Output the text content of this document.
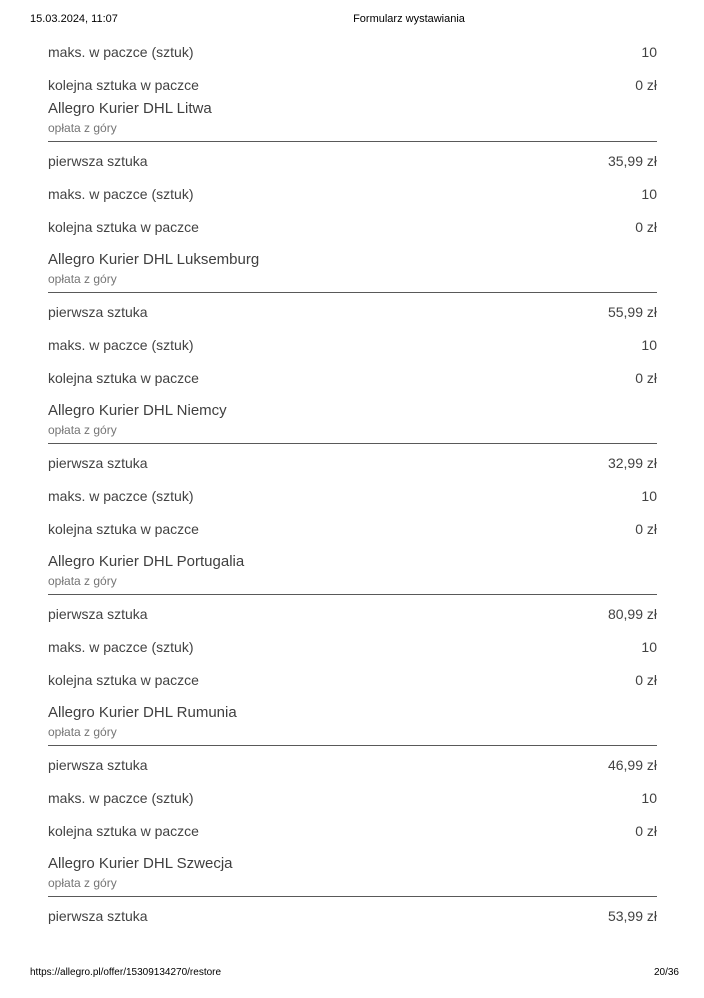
15.03.2024, 11:07	Formularz wystawiania
maks. w paczce (sztuk)	10
kolejna sztuka w paczce	0 zł
Allegro Kurier DHL Litwa
opłata z góry
pierwsza sztuka	35,99 zł
maks. w paczce (sztuk)	10
kolejna sztuka w paczce	0 zł
Allegro Kurier DHL Luksemburg
opłata z góry
pierwsza sztuka	55,99 zł
maks. w paczce (sztuk)	10
kolejna sztuka w paczce	0 zł
Allegro Kurier DHL Niemcy
opłata z góry
pierwsza sztuka	32,99 zł
maks. w paczce (sztuk)	10
kolejna sztuka w paczce	0 zł
Allegro Kurier DHL Portugalia
opłata z góry
pierwsza sztuka	80,99 zł
maks. w paczce (sztuk)	10
kolejna sztuka w paczce	0 zł
Allegro Kurier DHL Rumunia
opłata z góry
pierwsza sztuka	46,99 zł
maks. w paczce (sztuk)	10
kolejna sztuka w paczce	0 zł
Allegro Kurier DHL Szwecja
opłata z góry
pierwsza sztuka	53,99 zł
https://allegro.pl/offer/15309134270/restore	20/36
